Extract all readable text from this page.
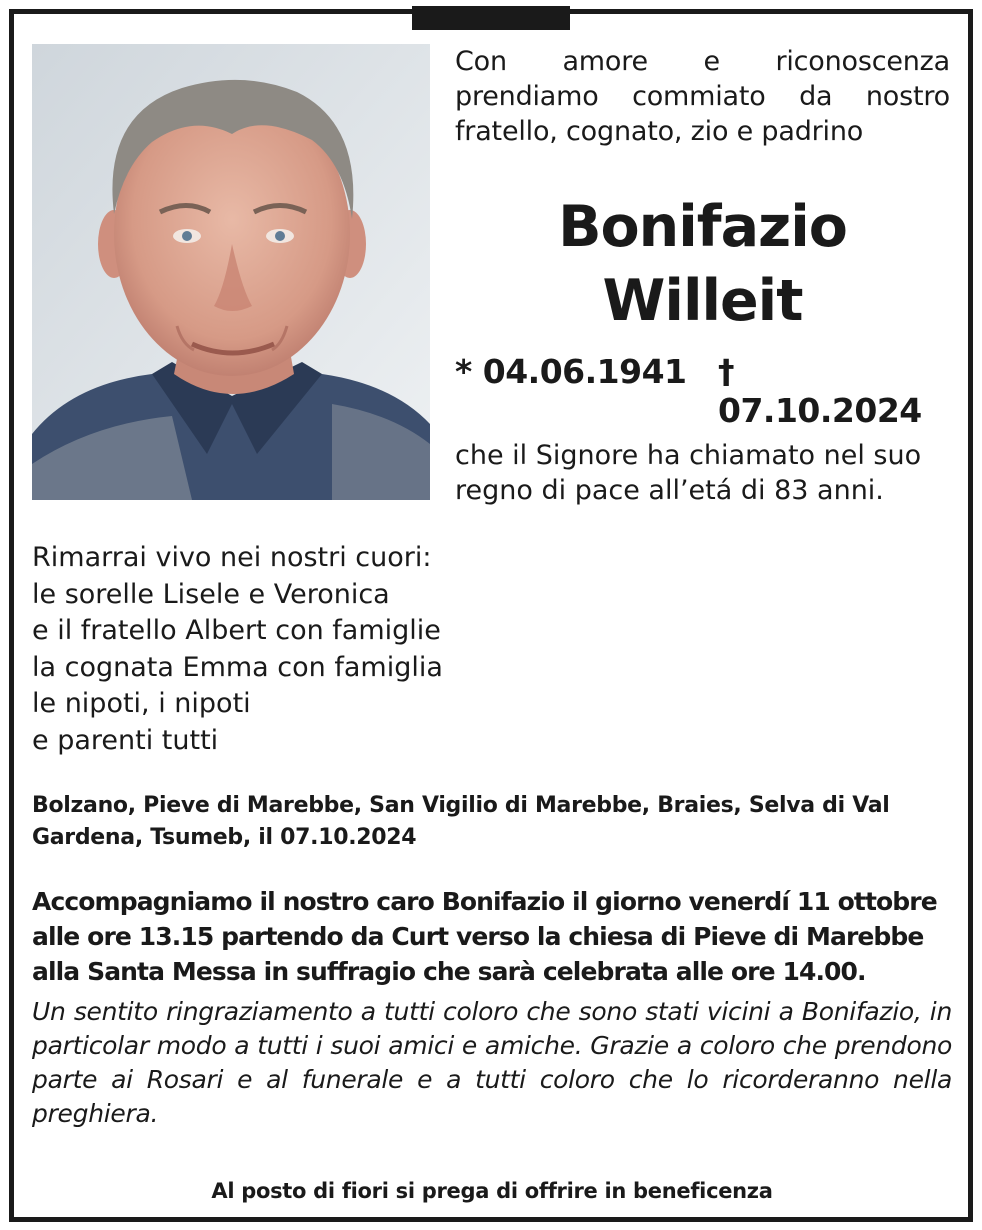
Con amore e riconoscenza prendiamo commiato da nostro fratello, cognato, zio e padrino
Bonifazio
Willeit
* 04.06.1941 † 07.10.2024
che il Signore ha chiamato nel suo regno di pace all’etá di 83 anni.
Rimarrai vivo nei nostri cuori:
le sorelle Lisele e Veronica
e il fratello Albert con famiglie
la cognata Emma con famiglia
le nipoti, i nipoti
e parenti tutti
Bolzano, Pieve di Marebbe, San Vigilio di Marebbe, Braies, Selva di Val Gardena, Tsumeb, il 07.10.2024
Accompagniamo il nostro caro Bonifazio il giorno venerdí 11 ottobre alle ore 13.15 partendo da Curt verso la chiesa di Pieve di Marebbe alla Santa Messa in suffragio che sarà celebrata alle ore 14.00.
Un sentito ringraziamento a tutti coloro che sono stati vicini a Bonifazio, in particolar modo a tutti i suoi amici e amiche. Grazie a coloro che prendono parte ai Rosari e al funerale e a tutti coloro che lo ricorderanno nella preghiera.
Al posto di fiori si prega di offrire in beneficenza
